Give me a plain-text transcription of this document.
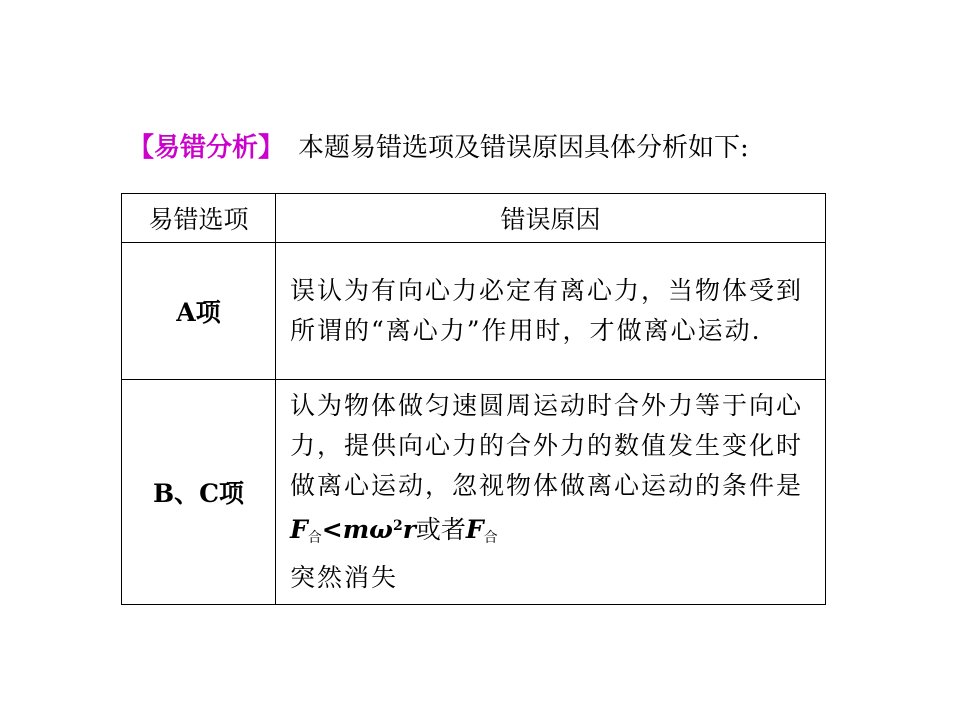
【易错分析】 本题易错选项及错误原因具体分析如下:
易错选项	错误原因
A项	误认为有向心力必定有离心力，当物体受到所谓的“离心力”作用时，才做离心运动.
B、C项	认为物体做匀速圆周运动时合外力等于向心力，提供向心力的合外力的数值发生变化时做离心运动，忽视物体做离心运动的条件是$F_合<m\omega^2r$或者$F_合$
突然消失
